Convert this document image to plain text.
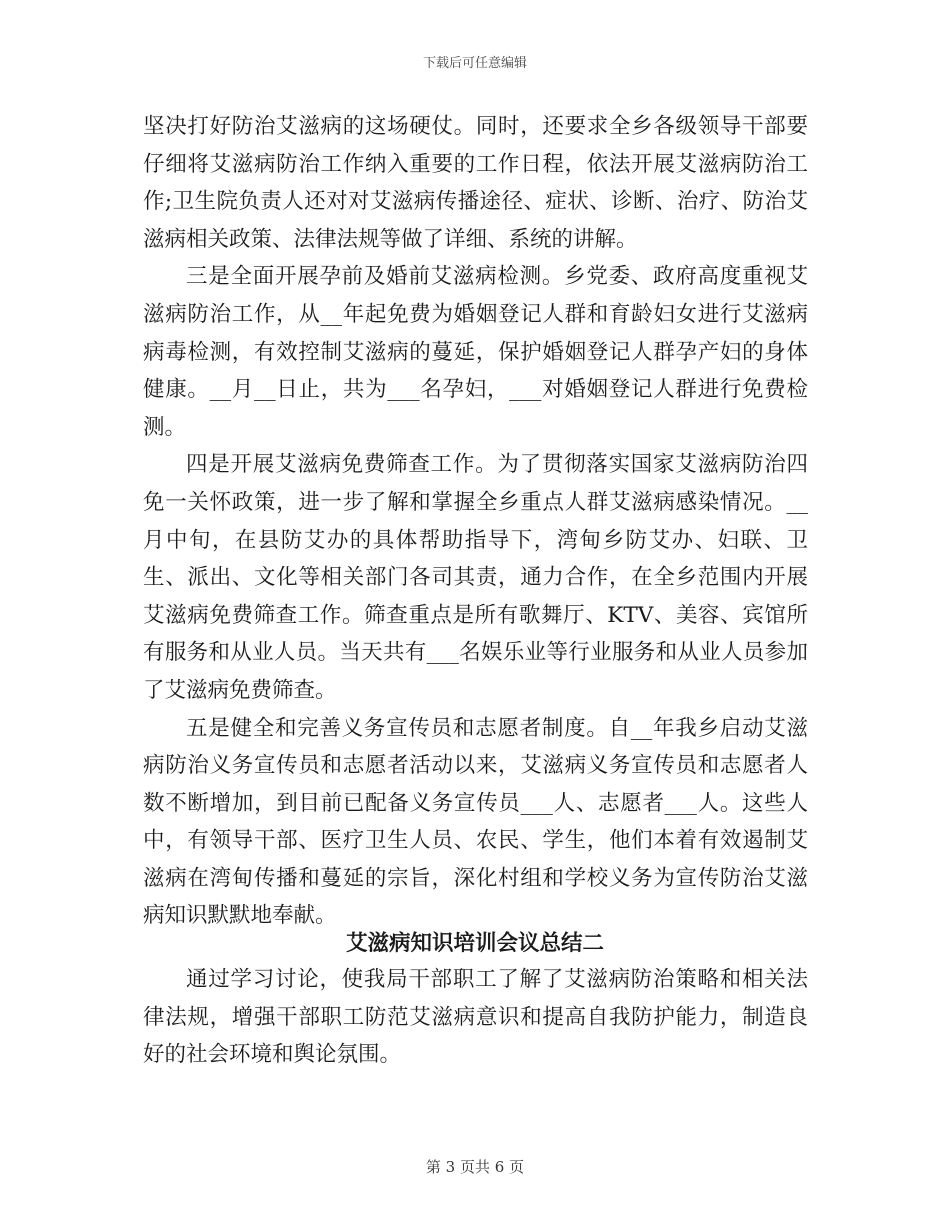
下载后可任意编辑

坚决打好防治艾滋病的这场硬仗。同时，还要求全乡各级领导干部要仔细将艾滋病防治工作纳入重要的工作日程，依法开展艾滋病防治工作;卫生院负责人还对对艾滋病传播途径、症状、诊断、治疗、防治艾滋病相关政策、法律法规等做了详细、系统的讲解。

三是全面开展孕前及婚前艾滋病检测。乡党委、政府高度重视艾滋病防治工作，从__年起免费为婚姻登记人群和育龄妇女进行艾滋病病毒检测，有效控制艾滋病的蔓延，保护婚姻登记人群孕产妇的身体健康。__月__日止，共为___名孕妇，___对婚姻登记人群进行免费检测。

四是开展艾滋病免费筛查工作。为了贯彻落实国家艾滋病防治四免一关怀政策，进一步了解和掌握全乡重点人群艾滋病感染情况。__月中旬，在县防艾办的具体帮助指导下，湾甸乡防艾办、妇联、卫生、派出、文化等相关部门各司其责，通力合作，在全乡范围内开展艾滋病免费筛查工作。筛查重点是所有歌舞厅、KTV、美容、宾馆所有服务和从业人员。当天共有___名娱乐业等行业服务和从业人员参加了艾滋病免费筛查。

五是健全和完善义务宣传员和志愿者制度。自__年我乡启动艾滋病防治义务宣传员和志愿者活动以来，艾滋病义务宣传员和志愿者人数不断增加，到目前已配备义务宣传员___人、志愿者___人。这些人中，有领导干部、医疗卫生人员、农民、学生，他们本着有效遏制艾滋病在湾甸传播和蔓延的宗旨，深化村组和学校义务为宣传防治艾滋病知识默默地奉献。

艾滋病知识培训会议总结二

通过学习讨论，使我局干部职工了解了艾滋病防治策略和相关法律法规，增强干部职工防范艾滋病意识和提高自我防护能力，制造良好的社会环境和舆论氛围。

第 3 页共 6 页
